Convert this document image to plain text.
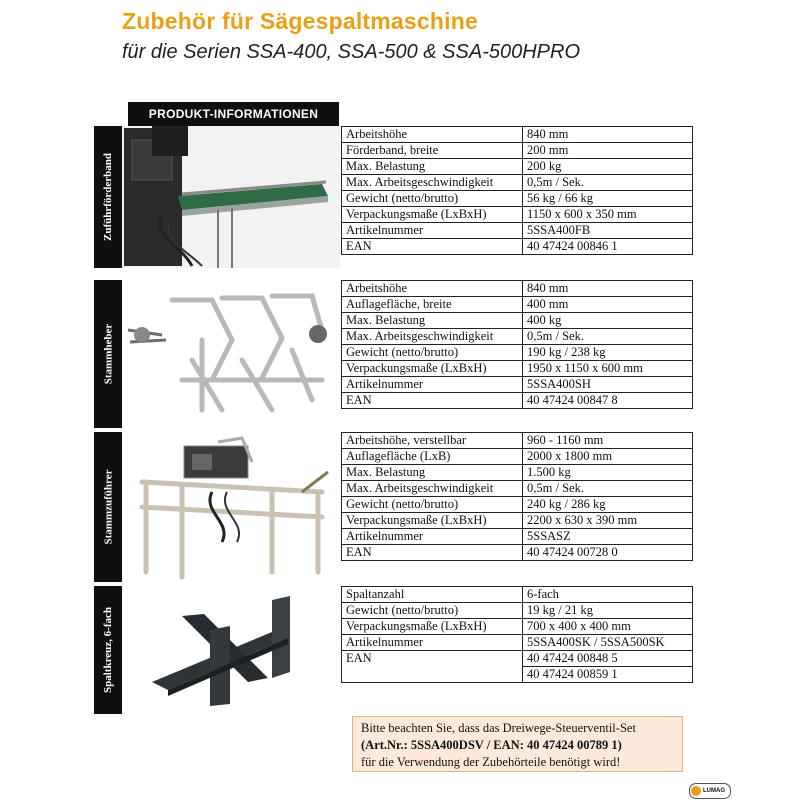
Zubehör für Sägespaltmaschine
für die Serien SSA-400, SSA-500 & SSA-500HPRO
PRODUKT-INFORMATIONEN
Zuführförderband
Arbeitshöhe	840 mm
Förderband, breite	200 mm
Max. Belastung	200 kg
Max. Arbeitsgeschwindigkeit	0,5m / Sek.
Gewicht (netto/brutto)	56 kg / 66 kg
Verpackungsmaße (LxBxH)	1150 x 600 x 350 mm
Artikelnummer	5SSA400FB
EAN	40 47424 00846 1
Stammheber
Arbeitshöhe	840 mm
Auflagefläche, breite	400 mm
Max. Belastung	400 kg
Max. Arbeitsgeschwindigkeit	0,5m / Sek.
Gewicht (netto/brutto)	190 kg / 238 kg
Verpackungsmaße (LxBxH)	1950 x 1150 x 600 mm
Artikelnummer	5SSA400SH
EAN	40 47424 00847 8
Stammzuführer
Arbeitshöhe, verstellbar	960 - 1160 mm
Auflagefläche (LxB)	2000 x 1800 mm
Max. Belastung	1.500 kg
Max. Arbeitsgeschwindigkeit	0,5m / Sek.
Gewicht (netto/brutto)	240 kg / 286 kg
Verpackungsmaße (LxBxH)	2200 x 630 x 390 mm
Artikelnummer	5SSASZ
EAN	40 47424 00728 0
Spaltkreuz, 6-fach
Spaltanzahl	6-fach
Gewicht (netto/brutto)	19 kg / 21 kg
Verpackungsmaße (LxBxH)	700 x 400 x 400 mm
Artikelnummer	5SSA400SK / 5SSA500SK
EAN	40 47424 00848 5
	40 47424 00859 1
Bitte beachten Sie, dass das Dreiwege-Steuerventil-Set
(Art.Nr.: 5SSA400DSV / EAN: 40 47424 00789 1)
für die Verwendung der Zubehörteile benötigt wird!
LUMAG
